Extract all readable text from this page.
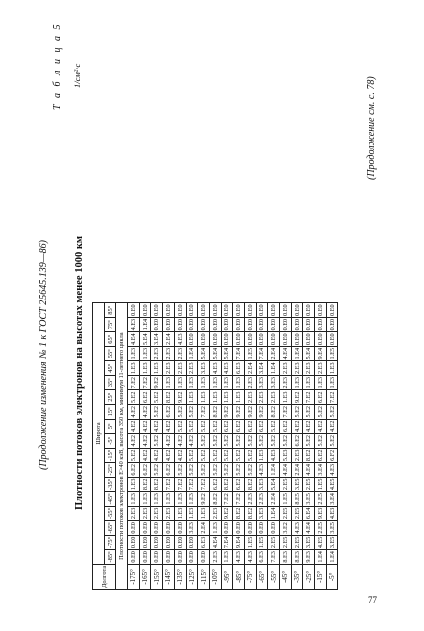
(Продолжение изменения № 1 к ГОСТ 25645.139—86)
Т а б л и ц а 5 1/см²·с
Плотности потоков электронов на высотах менее 1000 км
Долгота	Широта																	
	-85°	-75°	-65°	-55°	-45°	-35°	-25°	-15°	-5°	5°	15°	25°	35°	45°	55°	65°	75°	85°
Плотности потоков электронов Е>40 кэВ, высота 350 км, минимум 11-летнего цикла																		
-175°	0.E0	0.E0	0.E0	2.E3	1.E3	1.E3	6.E2	5.E2	4.E2	4.E2	4.E2	5.E2	7.E2	1.E3	1.E3	4.E4	4.E3	0.E0
-165°	0.E0	0.E0	0.E0	2.E3	1.E3	8.E2	6.E2	4.E2	4.E2	4.E2	4.E2	6.E2	7.E2	1.E3	1.E3	5.E4	1.E4	0.E0
-155°	0.E0	0.E0	0.E0	2.E3	1.E3	8.E2	5.E2	4.E2	5.E2	4.E2	5.E2	5.E2	9.E2	1.E3	2.E3	3.E4	0.E0	0.E0
-145°	0.E0	0.E0	0.E0	2.E3	1.E3	7.E2	6.E2	4.E2	4.E2	4.E2	6.E2	8.E2	1.E3	2.E3	2.E3	2.E4	0.E0	0.E0
-135°	0.E0	0.E0	0.E0	1.E3	1.E3	7.E2	5.E2	4.E2	4.E2	5.E2	5.E2	9.E2	1.E3	2.E3	2.E3	4.E3	0.E0	0.E0
-125°	0.E0	0.E0	3.E3	1.E3	1.E3	7.E2	5.E2	5.E2	4.E2	5.E2	5.E2	1.E3	1.E3	2.E3	1.E4	0.E0	0.E0	0.E0
-115°	0.E0	6.E3	2.E4	1.E3	9.E2	7.E2	5.E2	5.E2	5.E2	5.E2	7.E2	1.E3	1.E3	3.E3	5.E4	0.E0	0.E0	0.E0
-105°	2.E3	4.E4	1.E3	2.E3	8.E2	6.E2	5.E2	5.E2	5.E2	5.E2	8.E2	1.E3	1.E3	4.E3	5.E4	0.E0	0.E0	0.E0
-95°	1.E3	7.E4	0.E0	9.E2	7.E2	8.E2	5.E2	5.E2	5.E2	6.E2	9.E2	1.E3	1.E3	4.E3	5.E4	0.E0	0.E0	0.E0
-85°	4.E3	9.E4	0.E0	8.E2	7.E2	6.E2	5.E2	5.E2	5.E2	6.E2	9.E2	1.E3	1.E3	6.E3	7.E4	0.E0	0.E0	0.E0
-75°	4.E3	1.E5	0.E0	8.E2	2.E3	8.E2	5.E2	5.E2	5.E2	6.E2	9.E2	2.E3	2.E3	2.E4	1.E5	0.E0	0.E0	0.E0
-65°	6.E3	1.E5	0.E0	3.E3	2.E3	3.E3	4.E3	1.E3	5.E2	6.E2	9.E2	2.E3	3.E3	3.E4	7.E4	0.E0	0.E0	0.E0
-55°	7.E3	2.E5	0.E0	1.E4	2.E4	5.E4	1.E4	4.E3	5.E2	5.E2	8.E2	2.E3	3.E3	1.E4	2.E4	0.E0	0.E0	0.E0
-45°	8.E3	2.E5	3.E2	2.E5	1.E5	2.E5	4.E4	5.E3	5.E2	6.E2	7.E2	1.E3	2.E3	2.E3	4.E4	0.E0	0.E0	0.E0
-35°	8.E3	2.E5	4.E3	2.E5	8.E5	3.E5	2.E4	2.E3	6.E2	4.E2	5.E2	9.E2	1.E3	2.E3	1.E4	0.E0	0.E0	0.E0
-25°	9.E3	3.E5	4.E4	6.E4	3.E5	2.E5	4.E4	8.E2	5.E2	4.E2	5.E2	7.E2	1.E3	2.E3	5.E4	0.E0	0.E0	0.E0
-15°	1.E4	4.E5	2.E5	9.E3	2.E5	1.E5	3.E4	6.E2	5.E2	4.E2	5.E2	6.E2	1.E3	2.E3	9.E4	0.E0	0.E0	0.E0
-5°	1.E4	3.E5	3.E5	4.E3	3.E4	4.E5	4.E3	6.F2	5.E2	4.E2	5.E2	7.E2	1.E3	1.E3	1.E5	0.E0	0.E0	0.E0
(Продолжение см. с. 78)
77
